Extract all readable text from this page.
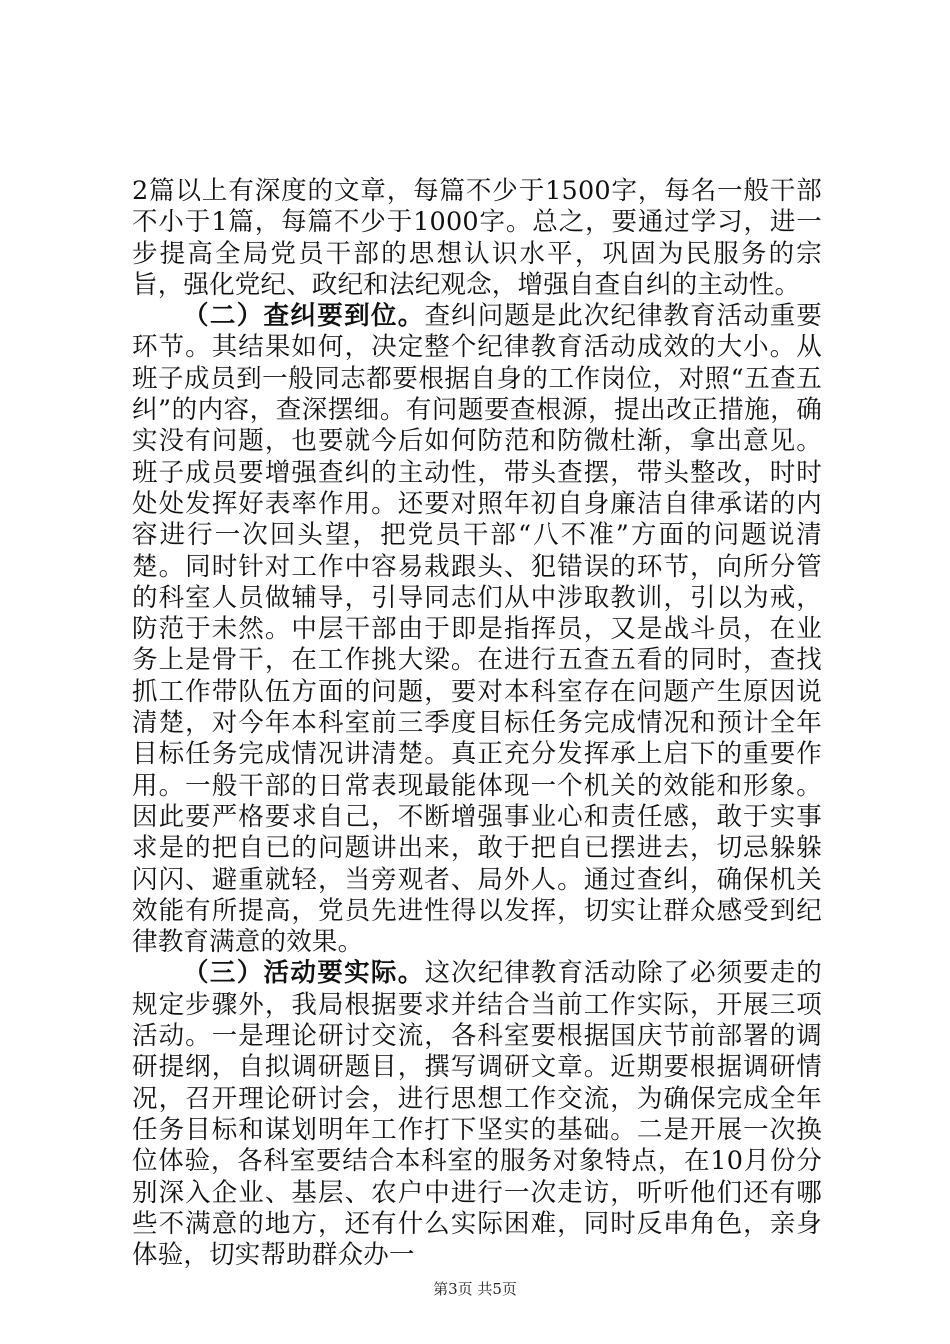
2篇以上有深度的文章，每篇不少于1500字，每名一般干部不小于1篇，每篇不少于1000字。总之，要通过学习，进一步提高全局党员干部的思想认识水平，巩固为民服务的宗旨，强化党纪、政纪和法纪观念，增强自查自纠的主动性。

（二）查纠要到位。查纠问题是此次纪律教育活动重要环节。其结果如何，决定整个纪律教育活动成效的大小。从班子成员到一般同志都要根据自身的工作岗位，对照“五查五纠”的内容，查深摆细。有问题要查根源，提出改正措施，确实没有问题，也要就今后如何防范和防微杜渐，拿出意见。班子成员要增强查纠的主动性，带头查摆，带头整改，时时处处发挥好表率作用。还要对照年初自身廉洁自律承诺的内容进行一次回头望，把党员干部“八不准”方面的问题说清楚。同时针对工作中容易栽跟头、犯错误的环节，向所分管的科室人员做辅导，引导同志们从中涉取教训，引以为戒，防范于未然。中层干部由于即是指挥员，又是战斗员，在业务上是骨干，在工作挑大梁。在进行五查五看的同时，查找抓工作带队伍方面的问题，要对本科室存在问题产生原因说清楚，对今年本科室前三季度目标任务完成情况和预计全年目标任务完成情况讲清楚。真正充分发挥承上启下的重要作用。一般干部的日常表现最能体现一个机关的效能和形象。因此要严格要求自己，不断增强事业心和责任感，敢于实事求是的把自已的问题讲出来，敢于把自已摆进去，切忌躲躲闪闪、避重就轻，当旁观者、局外人。通过查纠，确保机关效能有所提高，党员先进性得以发挥，切实让群众感受到纪律教育满意的效果。

（三）活动要实际。这次纪律教育活动除了必须要走的规定步骤外，我局根据要求并结合当前工作实际，开展三项活动。一是理论研讨交流，各科室要根据国庆节前部署的调研提纲，自拟调研题目，撰写调研文章。近期要根据调研情况，召开理论研讨会，进行思想工作交流，为确保完成全年任务目标和谋划明年工作打下坚实的基础。二是开展一次换位体验，各科室要结合本科室的服务对象特点，在10月份分别深入企业、基层、农户中进行一次走访，听听他们还有哪些不满意的地方，还有什么实际困难，同时反串角色，亲身体验，切实帮助群众办一

第3页 共5页
